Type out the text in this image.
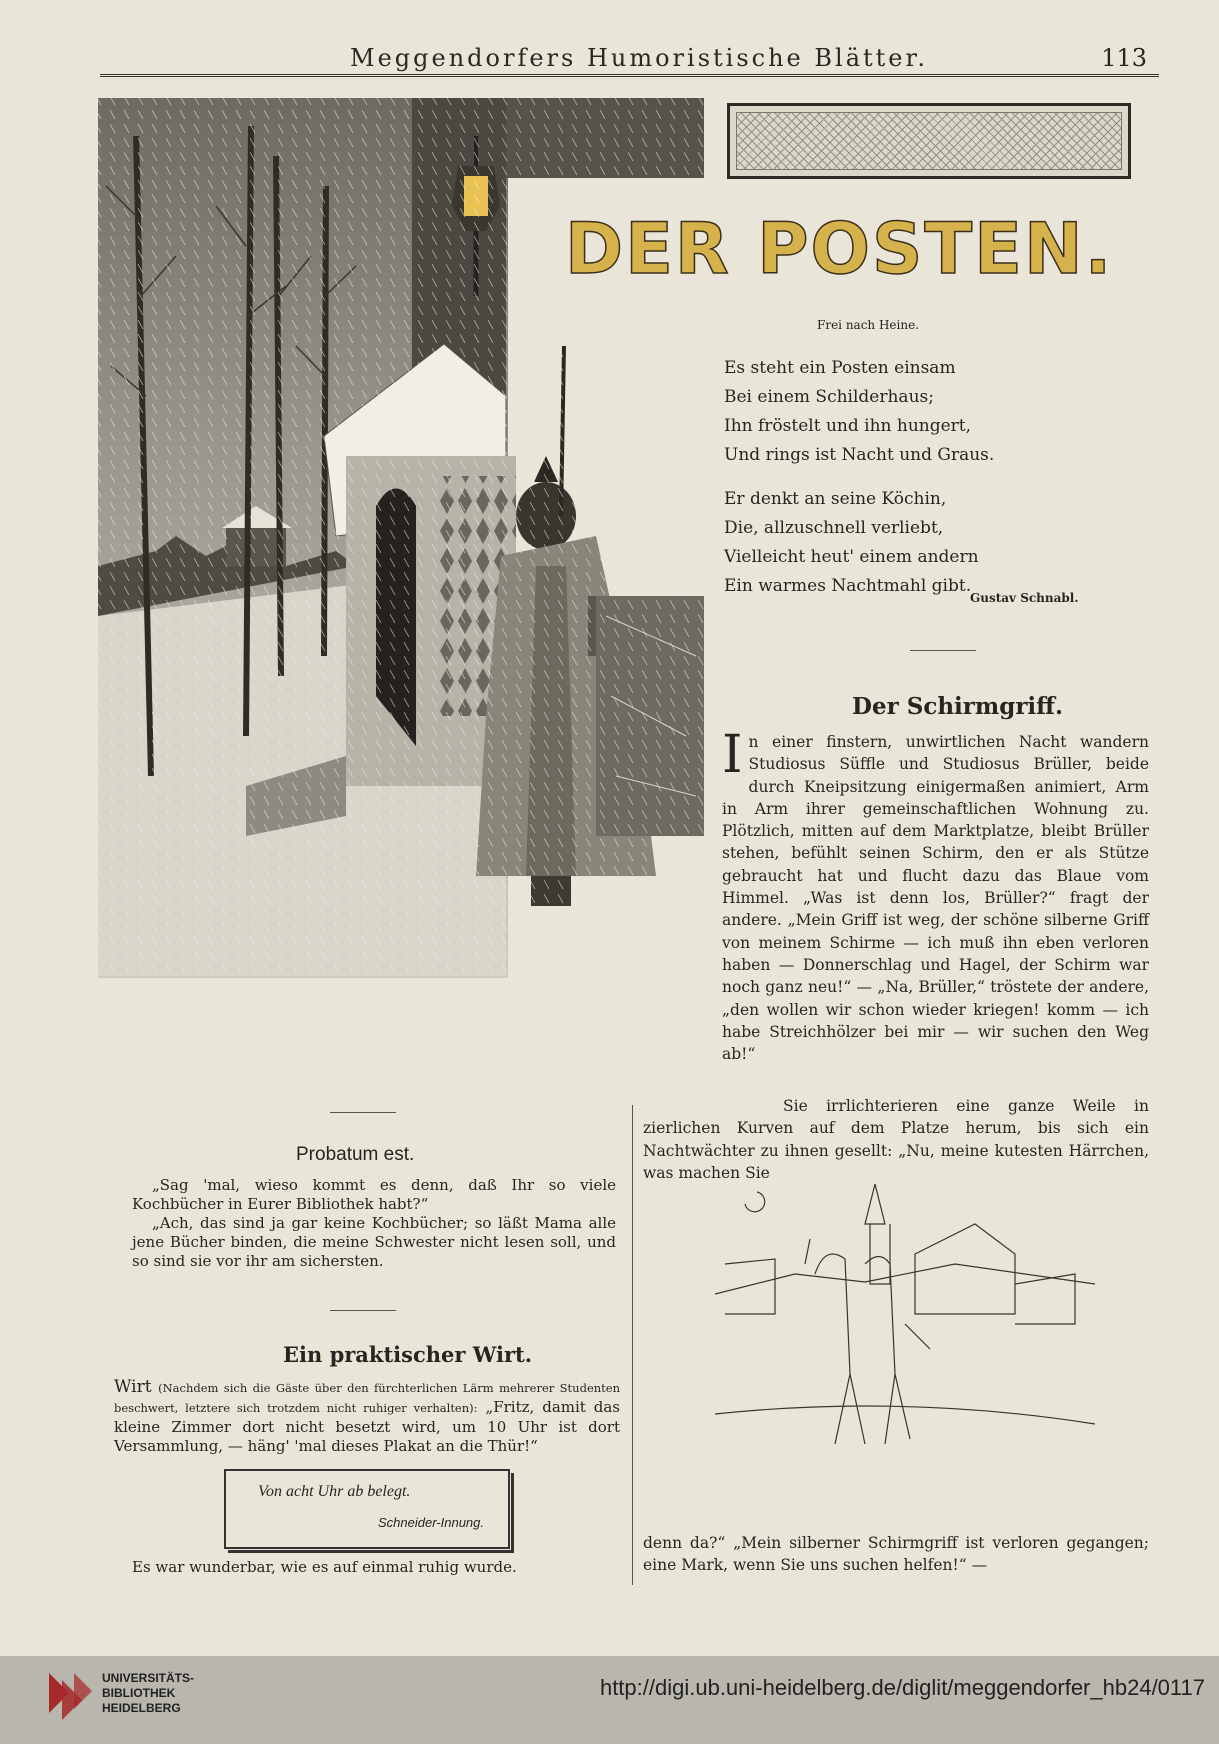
Meggendorfers Humoristische Blätter.	113
DER POSTEN.
Frei nach Heine.
Es steht ein Posten einsam
Bei einem Schilderhaus;
Ihn fröstelt und ihn hungert,
Und rings ist Nacht und Graus.
Er denkt an seine Köchin,
Die, allzuschnell verliebt,
Vielleicht heut' einem andern
Ein warmes Nachtmahl gibt.
Gustav Schnabl.
Der Schirmgriff.
In einer finstern, unwirtlichen Nacht wandern Studiosus Süffle und Studiosus Brüller, beide durch Kneipsitzung einigermaßen animiert, Arm in Arm ihrer gemeinschaftlichen Wohnung zu. Plötzlich, mitten auf dem Marktplatze, bleibt Brüller stehen, befühlt seinen Schirm, den er als Stütze gebraucht hat und flucht dazu das Blaue vom Himmel. „Was ist denn los, Brüller?“ fragt der andere. „Mein Griff ist weg, der schöne silberne Griff von meinem Schirme — ich muß ihn eben verloren haben — Donnerschlag und Hagel, der Schirm war noch ganz neu!“ — „Na, Brüller,“ tröstete der andere, „den wollen wir schon wieder kriegen! komm — ich habe Streichhölzer bei mir — wir suchen den Weg ab!“
Sie irrlichterieren eine ganze Weile in zierlichen Kurven auf dem Platze herum, bis sich ein Nachtwächter zu ihnen gesellt: „Nu, meine kutesten Härrchen, was machen Sie
denn da?“ „Mein silberner Schirmgriff ist verloren gegangen; eine Mark, wenn Sie uns suchen helfen!“ —
Probatum est.

„Sag 'mal, wieso kommt es denn, daß Ihr so viele Kochbücher in Eurer Bibliothek habt?“

„Ach, das sind ja gar keine Kochbücher; so läßt Mama alle jene Bücher binden, die meine Schwester nicht lesen soll, und so sind sie vor ihr am sichersten.

Ein praktischer Wirt.
Wirt (Nachdem sich die Gäste über den fürchterlichen Lärm mehrerer Studenten beschwert, letztere sich trotzdem nicht ruhiger verhalten): „Fritz, damit das kleine Zimmer dort nicht besetzt wird, um 10 Uhr ist dort Versammlung, — häng' 'mal dieses Plakat an die Thür!“
Von acht Uhr ab belegt.
Schneider-Innung.
Es war wunderbar, wie es auf einmal ruhig wurde.
UNIVERSITÄTS-
BIBLIOTHEK
HEIDELBERG
http://digi.ub.uni-heidelberg.de/diglit/meggendorfer_hb24/0117
